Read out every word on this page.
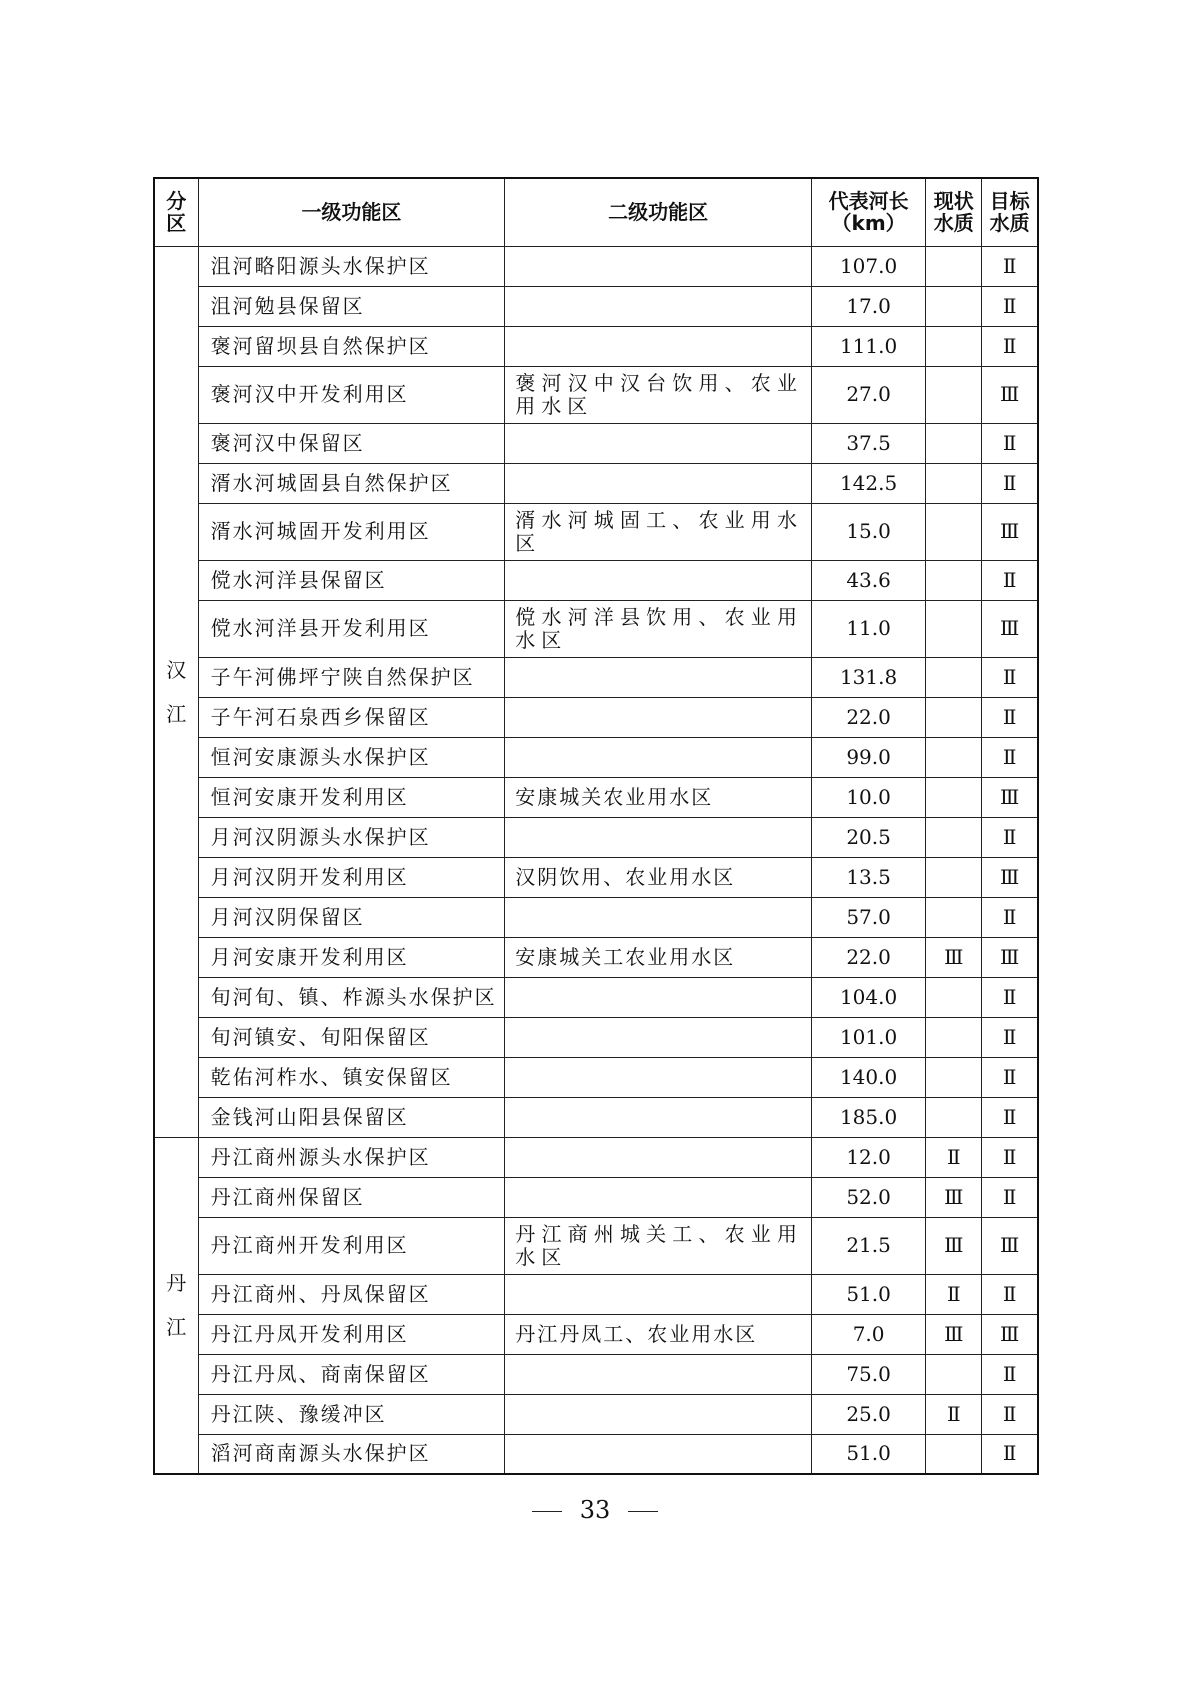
分区	一级功能区	二级功能区	代表河长（km）	现状水质	目标水质
汉江	沮河略阳源头水保护区		107.0		Ⅱ
	沮河勉县保留区		17.0		Ⅱ
	褒河留坝县自然保护区		111.0		Ⅱ
	褒河汉中开发利用区	褒河汉中汉台饮用、农业用水区	27.0		Ⅲ
	褒河汉中保留区		37.5		Ⅱ
	湑水河城固县自然保护区		142.5		Ⅱ
	湑水河城固开发利用区	湑水河城固工、农业用水区	15.0		Ⅲ
	傥水河洋县保留区		43.6		Ⅱ
	傥水河洋县开发利用区	傥水河洋县饮用、农业用水区	11.0		Ⅲ
	子午河佛坪宁陕自然保护区		131.8		Ⅱ
	子午河石泉西乡保留区		22.0		Ⅱ
	恒河安康源头水保护区		99.0		Ⅱ
	恒河安康开发利用区	安康城关农业用水区	10.0		Ⅲ
	月河汉阴源头水保护区		20.5		Ⅱ
	月河汉阴开发利用区	汉阴饮用、农业用水区	13.5		Ⅲ
	月河汉阴保留区		57.0		Ⅱ
	月河安康开发利用区	安康城关工农业用水区	22.0	Ⅲ	Ⅲ
	旬河旬、镇、柞源头水保护区		104.0		Ⅱ
	旬河镇安、旬阳保留区		101.0		Ⅱ
	乾佑河柞水、镇安保留区		140.0		Ⅱ
	金钱河山阳县保留区		185.0		Ⅱ
丹江	丹江商州源头水保护区		12.0	Ⅱ	Ⅱ
	丹江商州保留区		52.0	Ⅲ	Ⅱ
	丹江商州开发利用区	丹江商州城关工、农业用水区	21.5	Ⅲ	Ⅲ
	丹江商州、丹凤保留区		51.0	Ⅱ	Ⅱ
	丹江丹凤开发利用区	丹江丹凤工、农业用水区	7.0	Ⅲ	Ⅲ
	丹江丹凤、商南保留区		75.0		Ⅱ
	丹江陕、豫缓冲区		25.0	Ⅱ	Ⅱ
	滔河商南源头水保护区		51.0		Ⅱ
33
